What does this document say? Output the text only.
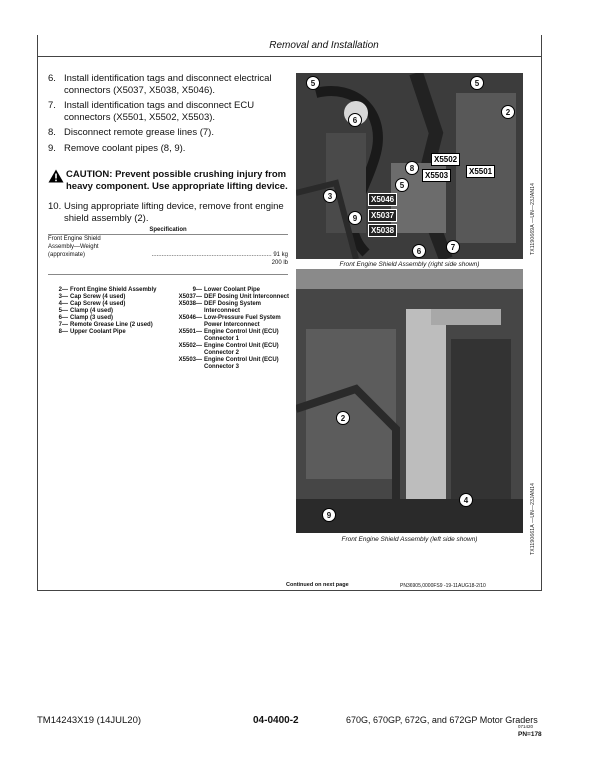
Removal and Installation
6. Install identification tags and disconnect electrical connectors (X5037, X5038, X5046).
7. Install identification tags and disconnect ECU connectors (X5501, X5502, X5503).
8. Disconnect remote grease lines (7).
9. Remove coolant pipes (8, 9).
CAUTION: Prevent possible crushing injury from heavy component. Use appropriate lifting device.
10. Using appropriate lifting device, remove front engine shield assembly (2).
Specification
Front Engine Shield
Assembly—Weight
(approximate)	........................................................................ 91 kg
200 lb
2— Front Engine Shield Assembly
3— Cap Screw (4 used)
4— Cap Screw (4 used)
5— Clamp (4 used)
6— Clamp (3 used)
7— Remote Grease Line (2 used)
8— Upper Coolant Pipe
9— Lower Coolant Pipe
X5037— DEF Dosing Unit Interconnect
X5038— DEF Dosing System Interconnect
X5046— Low-Pressure Fuel System Power Interconnect
X5501— Engine Control Unit (ECU) Connector 1
X5502— Engine Control Unit (ECU) Connector 2
X5503— Engine Control Unit (ECU) Connector 3
5	5
2
6
8
5
3
9
6	7
X5502
X5503	X5501
X5046
X5037
X5038
Front Engine Shield Assembly (right side shown)
TX1190669A —UN—23JAN14
2
4
9
Front Engine Shield Assembly (left side shown)	TX1190661A —UN—23JAN14
Continued on next page	PN36905,0000FS9 -19-11AUG18-2/10
TM14243X19 (14JUL20)	04-0400-2	670G, 670GP, 672G, and 672GP Motor Graders
071420
PN=178
